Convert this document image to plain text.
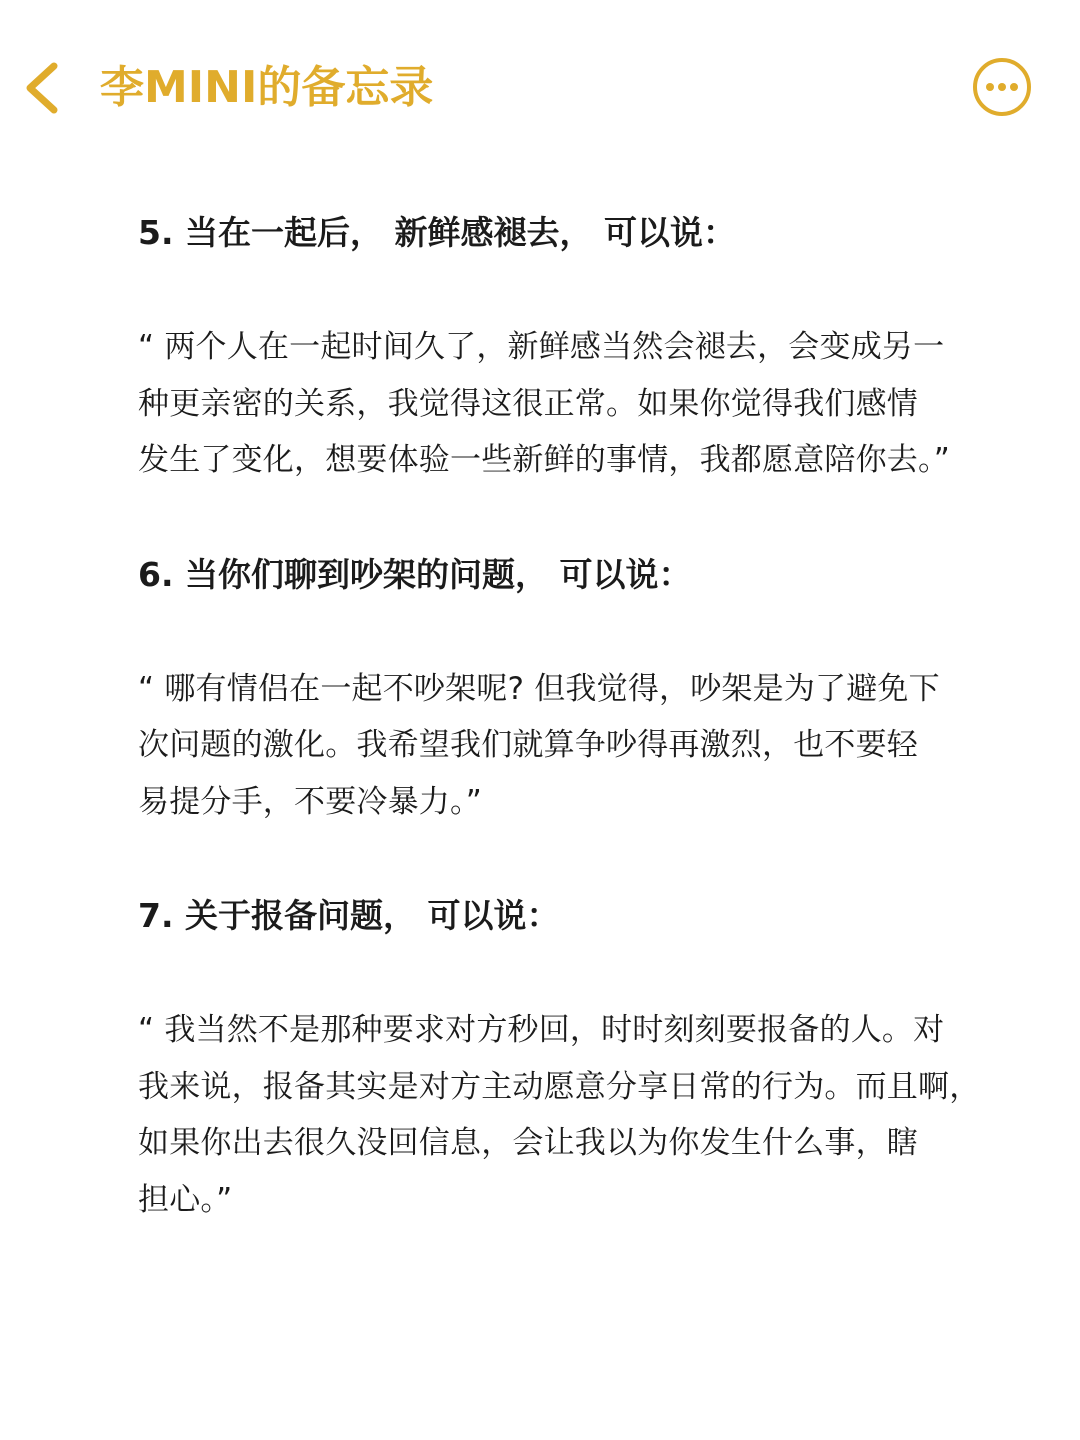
李MINI的备忘录

5. 当在一起后， 新鲜感褪去， 可以说：

“ 两个人在一起时间久了，新鲜感当然会褪去，会变成另一

种更亲密的关系，我觉得这很正常。如果你觉得我们感情

发生了变化，想要体验一些新鲜的事情，我都愿意陪你去。”

6. 当你们聊到吵架的问题， 可以说：

“ 哪有情侣在一起不吵架呢? 但我觉得，吵架是为了避免下

次问题的激化。我希望我们就算争吵得再激烈，也不要轻

易提分手，不要冷暴力。”

7. 关于报备问题， 可以说：

“ 我当然不是那种要求对方秒回，时时刻刻要报备的人。对

我来说，报备其实是对方主动愿意分享日常的行为。而且啊，

如果你出去很久没回信息，会让我以为你发生什么事，瞎

担心。”
